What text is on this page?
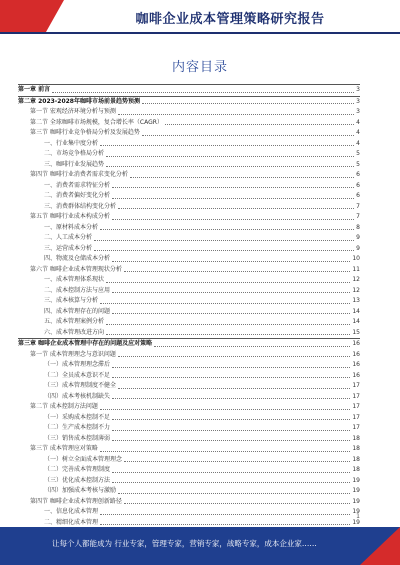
咖啡企业成本管理策略研究报告
内容目录
第一章 前言	3
第二章 2023-2028年咖啡市场前景趋势预测	3
第一节 宏观经济环境分析与预测	3
第二节 全球咖啡市场规模，复合增长率（CAGR）	4
第三节 咖啡行业竞争格局分析及发展趋势	4
一、行业集中度分析	4
二、市场竞争格局分析	5
三、咖啡行业发展趋势	5
第四节 咖啡行业消费者需求变化分析	6
一、消费者需求特征分析	6
二、消费者偏好变化分析	6
三、消费群体结构变化分析	7
第五节 咖啡行业成本构成分析	7
一、原材料成本分析	8
二、人工成本分析	9
三、运营成本分析	9
四、物流及仓储成本分析	10
第六节 咖啡企业成本管理现状分析	11
一、成本管理体系现状	12
二、成本控制方法与应用	12
三、成本核算与分析	13
四、成本管理存在的问题	14
五、成本管理案例分析	14
六、成本管理改进方向	15
第三章 咖啡企业成本管理中存在的问题及应对策略	16
第一节 成本管理理念与意识问题	16
（一）成本管理理念滞后	16
（二）全员成本意识不足	16
（三）成本管理制度不健全	17
（四）成本考核机制缺失	17
第二节 成本控制方法问题	17
（一）采购成本控制不足	17
（二）生产成本控制不力	17
（三）销售成本控制薄弱	18
第三节 成本管理应对策略	18
（一）树立全面成本管理理念	18
（二）完善成本管理制度	18
（三）优化成本控制方法	19
（四）加强成本考核与激励	19
第四节 咖啡企业成本管理创新路径	19
一、信息化成本管理	19
二、精细化成本管理	19
1
让每个人都能成为 行业专家，管理专家，营销专家，战略专家，成本企业家……
